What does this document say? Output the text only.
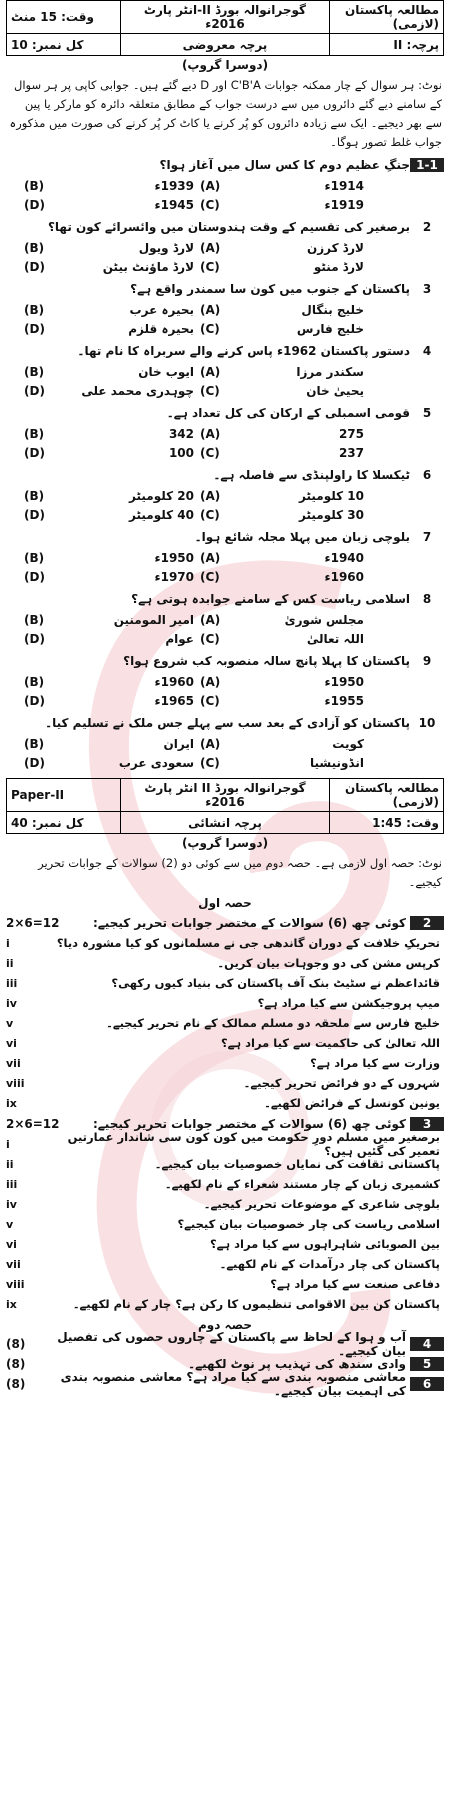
وقت: 15 منٹ	انٹر پارٹ-II گوجرانوالہ بورڈ 2016ء	مطالعہ پاکستان (لازمی)
کل نمبر: 10	پرچہ معروضی	پرچہ: II
(دوسرا گروپ)
نوٹ: ہر سوال کے چار ممکنہ جوابات C'B'A اور D دیے گئے ہیں۔ جوابی کاپی پر ہر سوال کے سامنے دیے گئے دائروں میں سے درست جواب کے مطابق متعلقہ دائرہ کو مارکر یا پین سے بھر دیجیے۔ ایک سے زیادہ دائروں کو پُر کرنے یا کاٹ کر پُر کرنے کی صورت میں مذکورہ جواب غلط تصور ہوگا۔
1-1
جنگِ عظیم دوم کا کس سال میں آغاز ہوا؟
(B)	1939ء (A)	1914ء
(D)	1945ء (C)	1919ء
2
برصغیر کی تقسیم کے وقت ہندوستان میں وائسرائے کون تھا؟
(B)	لارڈ ویول (A)	لارڈ کرزن
(D)	لارڈ ماؤنٹ بیٹن (C)	لارڈ منٹو
3
پاکستان کے جنوب میں کون سا سمندر واقع ہے؟
(B)	بحیرہ عرب (A)	خلیج بنگال
(D)	بحیرہ قلزم (C)	خلیج فارس
4
دستور پاکستان 1962ء پاس کرنے والے سربراہ کا نام تھا۔
(B)	ایوب خان (A)	سکندر مرزا
(D)	چوہدری محمد علی (C)	یحییٰ خان
5
قومی اسمبلی کے ارکان کی کل تعداد ہے۔
(B)	342 (A)	275
(D)	100 (C)	237
6
ٹیکسلا کا راولپنڈی سے فاصلہ ہے۔
(B)	20 کلومیٹر (A)	10 کلومیٹر
(D)	40 کلومیٹر (C)	30 کلومیٹر
7
بلوچی زبان میں پہلا مجلہ شائع ہوا۔
(B)	1950ء (A)	1940ء
(D)	1970ء (C)	1960ء
8
اسلامی ریاست کس کے سامنے جوابدہ ہوتی ہے؟
(B)	امیر المومنین (A)	مجلس شوریٰ
(D)	عوام (C)	اللہ تعالیٰ
9
پاکستان کا پہلا پانچ سالہ منصوبہ کب شروع ہوا؟
(B)	1960ء (A)	1950ء
(D)	1965ء (C)	1955ء
10
پاکستان کو آزادی کے بعد سب سے پہلے جس ملک نے تسلیم کیا۔
(B)	ایران (A)	کویت
(D)	سعودی عرب (C)	انڈونیشیا
Paper-II	انٹر پارٹ II گوجرانوالہ بورڈ 2016ء	مطالعہ پاکستان (لازمی)
کل نمبر: 40	پرچہ انشائی	وقت: 1:45
(دوسرا گروپ)
نوٹ: حصہ اول لازمی ہے۔ حصہ دوم میں سے کوئی دو (2) سوالات کے جوابات تحریر کیجیے۔
حصہ اول
2
کوئی چھ (6) سوالات کے مختصر جوابات تحریر کیجیے:
2×6=12
i	تحریکِ خلافت کے دوران گاندھی جی نے مسلمانوں کو کیا مشورہ دیا؟
ii	کرپس مشن کی دو وجوہات بیان کریں۔
iii	قائداعظم نے سٹیٹ بنک آف پاکستان کی بنیاد کیوں رکھی؟
iv	میپ پروجیکشن سے کیا مراد ہے؟
v	خلیج فارس سے ملحقہ دو مسلم ممالک کے نام تحریر کیجیے۔
vi	اللہ تعالیٰ کی حاکمیت سے کیا مراد ہے؟
vii	وزارت سے کیا مراد ہے؟
viii	شہروں کے دو فرائض تحریر کیجیے۔
ix	یونین کونسل کے فرائض لکھیے۔
3
کوئی چھ (6) سوالات کے مختصر جوابات تحریر کیجیے:
2×6=12
i	برصغیر میں مسلم دورِ حکومت میں کون کون سی شاندار عمارتیں تعمیر کی گئیں ہیں؟
ii	پاکستانی ثقافت کی نمایاں خصوصیات بیان کیجیے۔
iii	کشمیری زبان کے چار مستند شعراء کے نام لکھیے۔
iv	بلوچی شاعری کے موضوعات تحریر کیجیے۔
v	اسلامی ریاست کی چار خصوصیات بیان کیجیے؟
vi	بین الصوبائی شاہراہوں سے کیا مراد ہے؟
vii	پاکستان کی چار درآمدات کے نام لکھیے۔
viii	دفاعی صنعت سے کیا مراد ہے؟
ix	پاکستان کن بین الاقوامی تنظیموں کا رکن ہے؟ چار کے نام لکھیے۔
حصہ دوم
4
آب و ہوا کے لحاظ سے پاکستان کے چاروں حصوں کی تفصیل بیان کیجیے۔
(8)
5
وادی سندھ کی تہذیب پر نوٹ لکھیے۔
(8)
6
معاشی منصوبہ بندی سے کیا مراد ہے؟ معاشی منصوبہ بندی کی اہمیت بیان کیجیے۔
(8)
